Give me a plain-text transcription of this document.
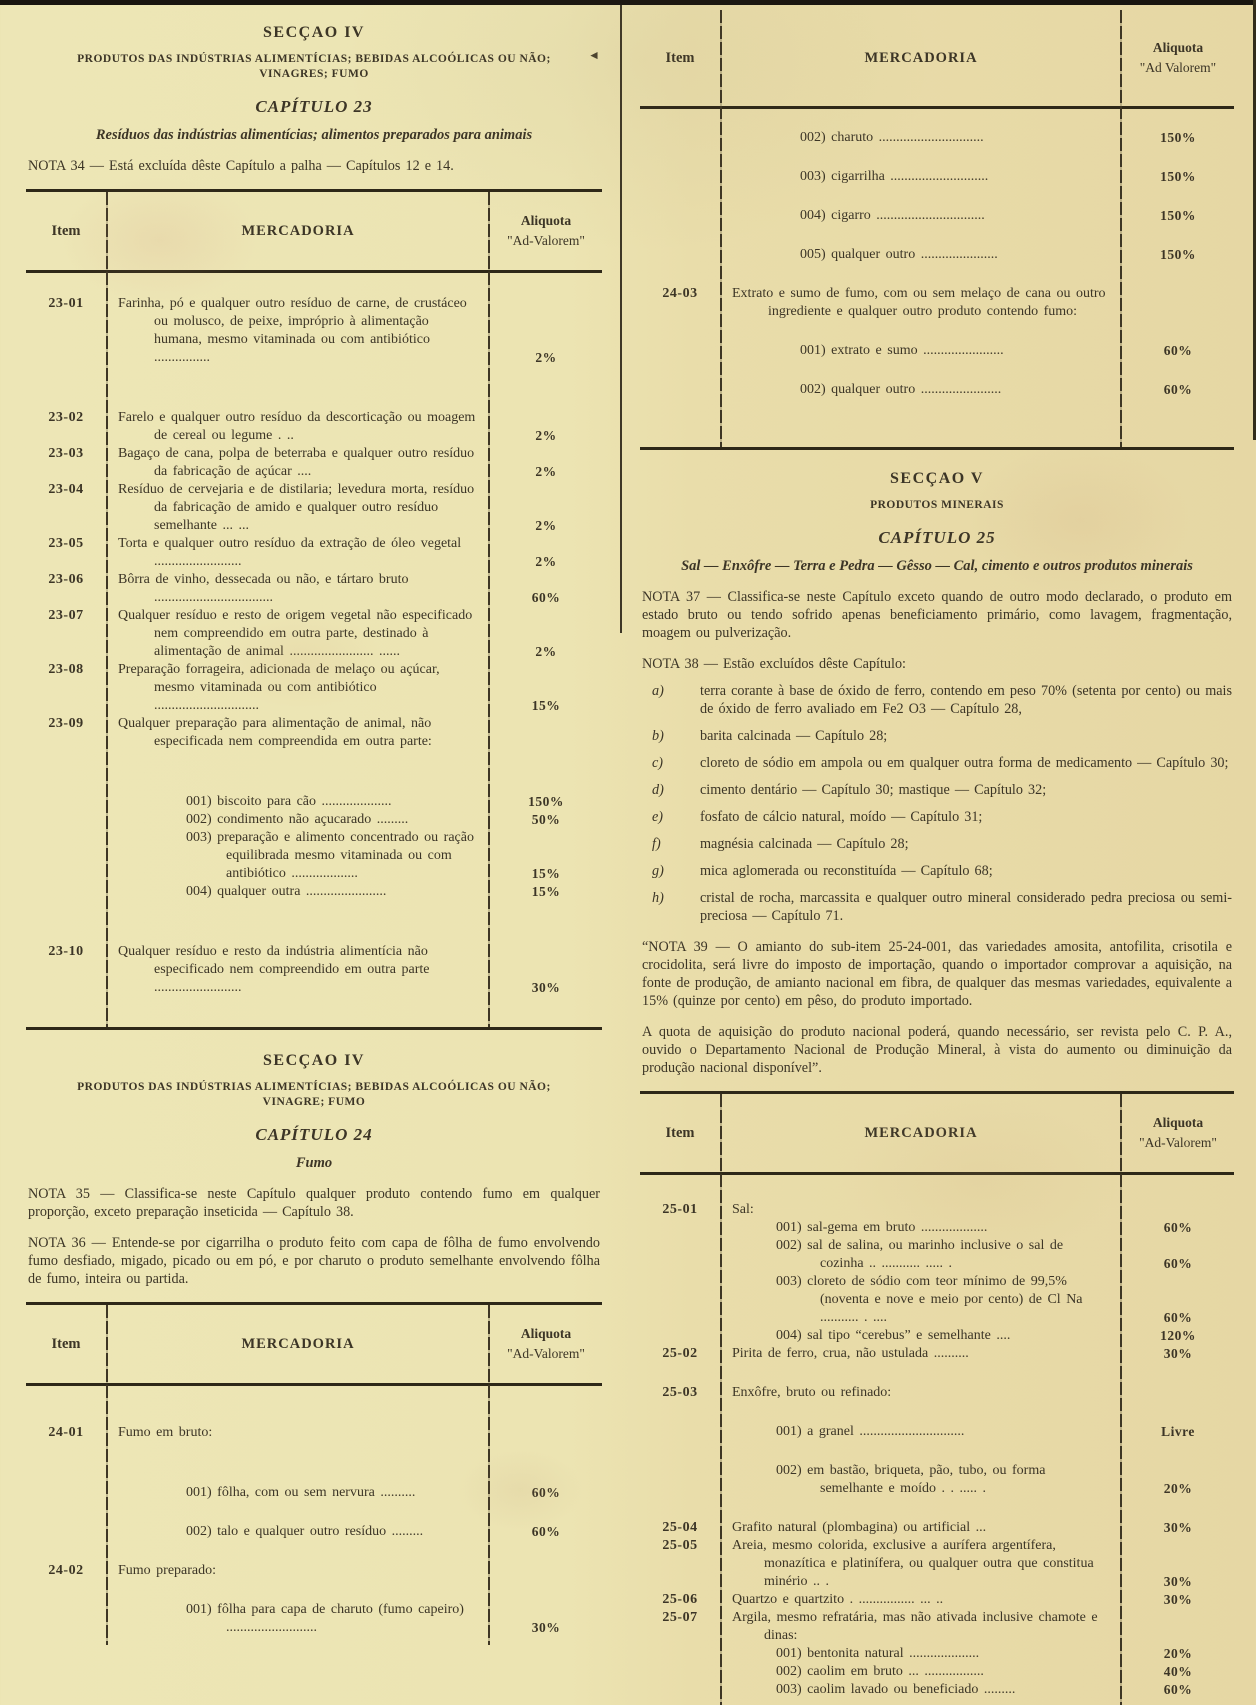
◄
SECÇAO IV
PRODUTOS DAS INDÚSTRIAS ALIMENTÍCIAS; BEBIDAS ALCOÓLICAS OU NÃO; VINAGRES; FUMO
CAPÍTULO 23
Resíduos das indústrias alimentícias; alimentos preparados para animais
NOTA 34 — Está excluída dêste Capítulo a palha — Capítulos 12 e 14.
Item	MERCADORIA
Aliquota
"Ad-Valorem"
23-01	Farinha, pó e qualquer outro resíduo de carne, de crustáceo ou molusco, de peixe, impróprio à alimentação humana, mesmo vitaminada ou com antibiótico ................	2%
23-02	Farelo e qualquer outro resíduo da descorticação ou moagem de cereal ou legume . ..	2%
23-03	Bagaço de cana, polpa de beterraba e qualquer outro resíduo da fabricação de açúcar ....	2%
23-04	Resíduo de cervejaria e de distilaria; levedura morta, resíduo da fabricação de amido e qualquer outro resíduo semelhante ... ...	2%
23-05	Torta e qualquer outro resíduo da extração de óleo vegetal .........................	2%
23-06	Bôrra de vinho, dessecada ou não, e tártaro bruto ..................................	60%
23-07	Qualquer resíduo e resto de origem vegetal não especificado nem compreendido em outra parte, destinado à alimentação de animal ........................ ......	2%
23-08	Preparação forrageira, adicionada de melaço ou açúcar, mesmo vitaminada ou com antibiótico ..............................	15%
23-09	Qualquer preparação para alimentação de animal, não especificada nem compreendida em outra parte:
001) biscoito para cão ....................	150%
002) condimento não açucarado .........	50%
003) preparação e alimento concentrado ou ração equilibrada mesmo vitaminada ou com antibiótico ...................	15%
004) qualquer outra .......................	15%
23-10	Qualquer resíduo e resto da indústria alimentícia não especificado nem compreendido em outra parte .........................	30%
SECÇAO IV
PRODUTOS DAS INDÚSTRIAS ALIMENTÍCIAS; BEBIDAS ALCOÓLICAS OU NÃO; VINAGRE; FUMO
CAPÍTULO 24
Fumo
NOTA 35 — Classifica-se neste Capítulo qualquer produto contendo fumo em qualquer proporção, exceto preparação inseticida — Capítulo 38.
NOTA 36 — Entende-se por cigarrilha o produto feito com capa de fôlha de fumo envolvendo fumo desfiado, migado, picado ou em pó, e por charuto o produto semelhante envolvendo fôlha de fumo, inteira ou partida.
Item	MERCADORIA
Aliquota
"Ad-Valorem"
24-01	Fumo em bruto:
001) fôlha, com ou sem nervura ..........	60%
002) talo e qualquer outro resíduo .........	60%
24-02	Fumo preparado:
001) fôlha para capa de charuto (fumo capeiro) ..........................	30%
Item	MERCADORIA
Aliquota
"Ad Valorem"
002) charuto ..............................	150%
003) cigarrilha ............................	150%
004) cigarro ...............................	150%
005) qualquer outro ......................	150%
24-03	Extrato e sumo de fumo, com ou sem melaço de cana ou outro ingrediente e qualquer outro produto contendo fumo:
001) extrato e sumo .......................	60%
002) qualquer outro .......................	60%
SECÇAO V
PRODUTOS MINERAIS
CAPÍTULO 25
Sal — Enxôfre — Terra e Pedra — Gêsso — Cal, cimento e outros produtos minerais
NOTA 37 — Classifica-se neste Capítulo exceto quando de outro modo declarado, o produto em estado bruto ou tendo sofrido apenas beneficiamento primário, como lavagem, fragmentação, moagem ou pulverização.
NOTA 38 — Estão excluídos dêste Capítulo:
a)	terra corante à base de óxido de ferro, contendo em peso 70% (setenta por cento) ou mais de óxido de ferro avaliado em Fe2 O3 — Capítulo 28,
b)	barita calcinada — Capítulo 28;
c)	cloreto de sódio em ampola ou em qualquer outra forma de medicamento — Capítulo 30;
d)	cimento dentário — Capítulo 30; mastique — Capítulo 32;
e)	fosfato de cálcio natural, moído — Capítulo 31;
f)	magnésia calcinada — Capítulo 28;
g)	mica aglomerada ou reconstituída — Capítulo 68;
h)	cristal de rocha, marcassita e qualquer outro mineral considerado pedra preciosa ou semi-preciosa — Capítulo 71.
“NOTA 39 — O amianto do sub-item 25-24-001, das variedades amosita, antofilita, crisotila e crocidolita, será livre do imposto de importação, quando o importador comprovar a aquisição, na fonte de produção, de amianto nacional em fibra, de qualquer das mesmas variedades, equivalente a 15% (quinze por cento) em pêso, do produto importado.
A quota de aquisição do produto nacional poderá, quando necessário, ser revista pelo C. P. A., ouvido o Departamento Nacional de Produção Mineral, à vista do aumento ou diminuição da produção nacional disponível”.
Item	MERCADORIA
Aliquota
"Ad-Valorem"
25-01	Sal:
001) sal-gema em bruto ...................	60%
002) sal de salina, ou marinho inclusive o sal de cozinha .. ........... ..... .	60%
003) cloreto de sódio com teor mínimo de 99,5% (noventa e nove e meio por cento) de Cl Na ........... . ....	60%
004) sal tipo “cerebus” e semelhante ....	120%
25-02	Pirita de ferro, crua, não ustulada ..........	30%
25-03	Enxôfre, bruto ou refinado:
001) a granel ..............................	Livre
002) em bastão, briqueta, pão, tubo, ou forma semelhante e moído . . ..... .	20%
25-04	Grafito natural (plombagina) ou artificial ...	30%
25-05	Areia, mesmo colorida, exclusive a aurífera argentífera, monazítica e platinífera, ou qualquer outra que constitua minério .. .	30%
25-06	Quartzo e quartzito . ................ ... ..	30%
25-07	Argila, mesmo refratária, mas não ativada inclusive chamote e dinas:
001) bentonita natural ....................	20%
002) caolim em bruto ... .................	40%
003) caolim lavado ou beneficiado .........	60%
